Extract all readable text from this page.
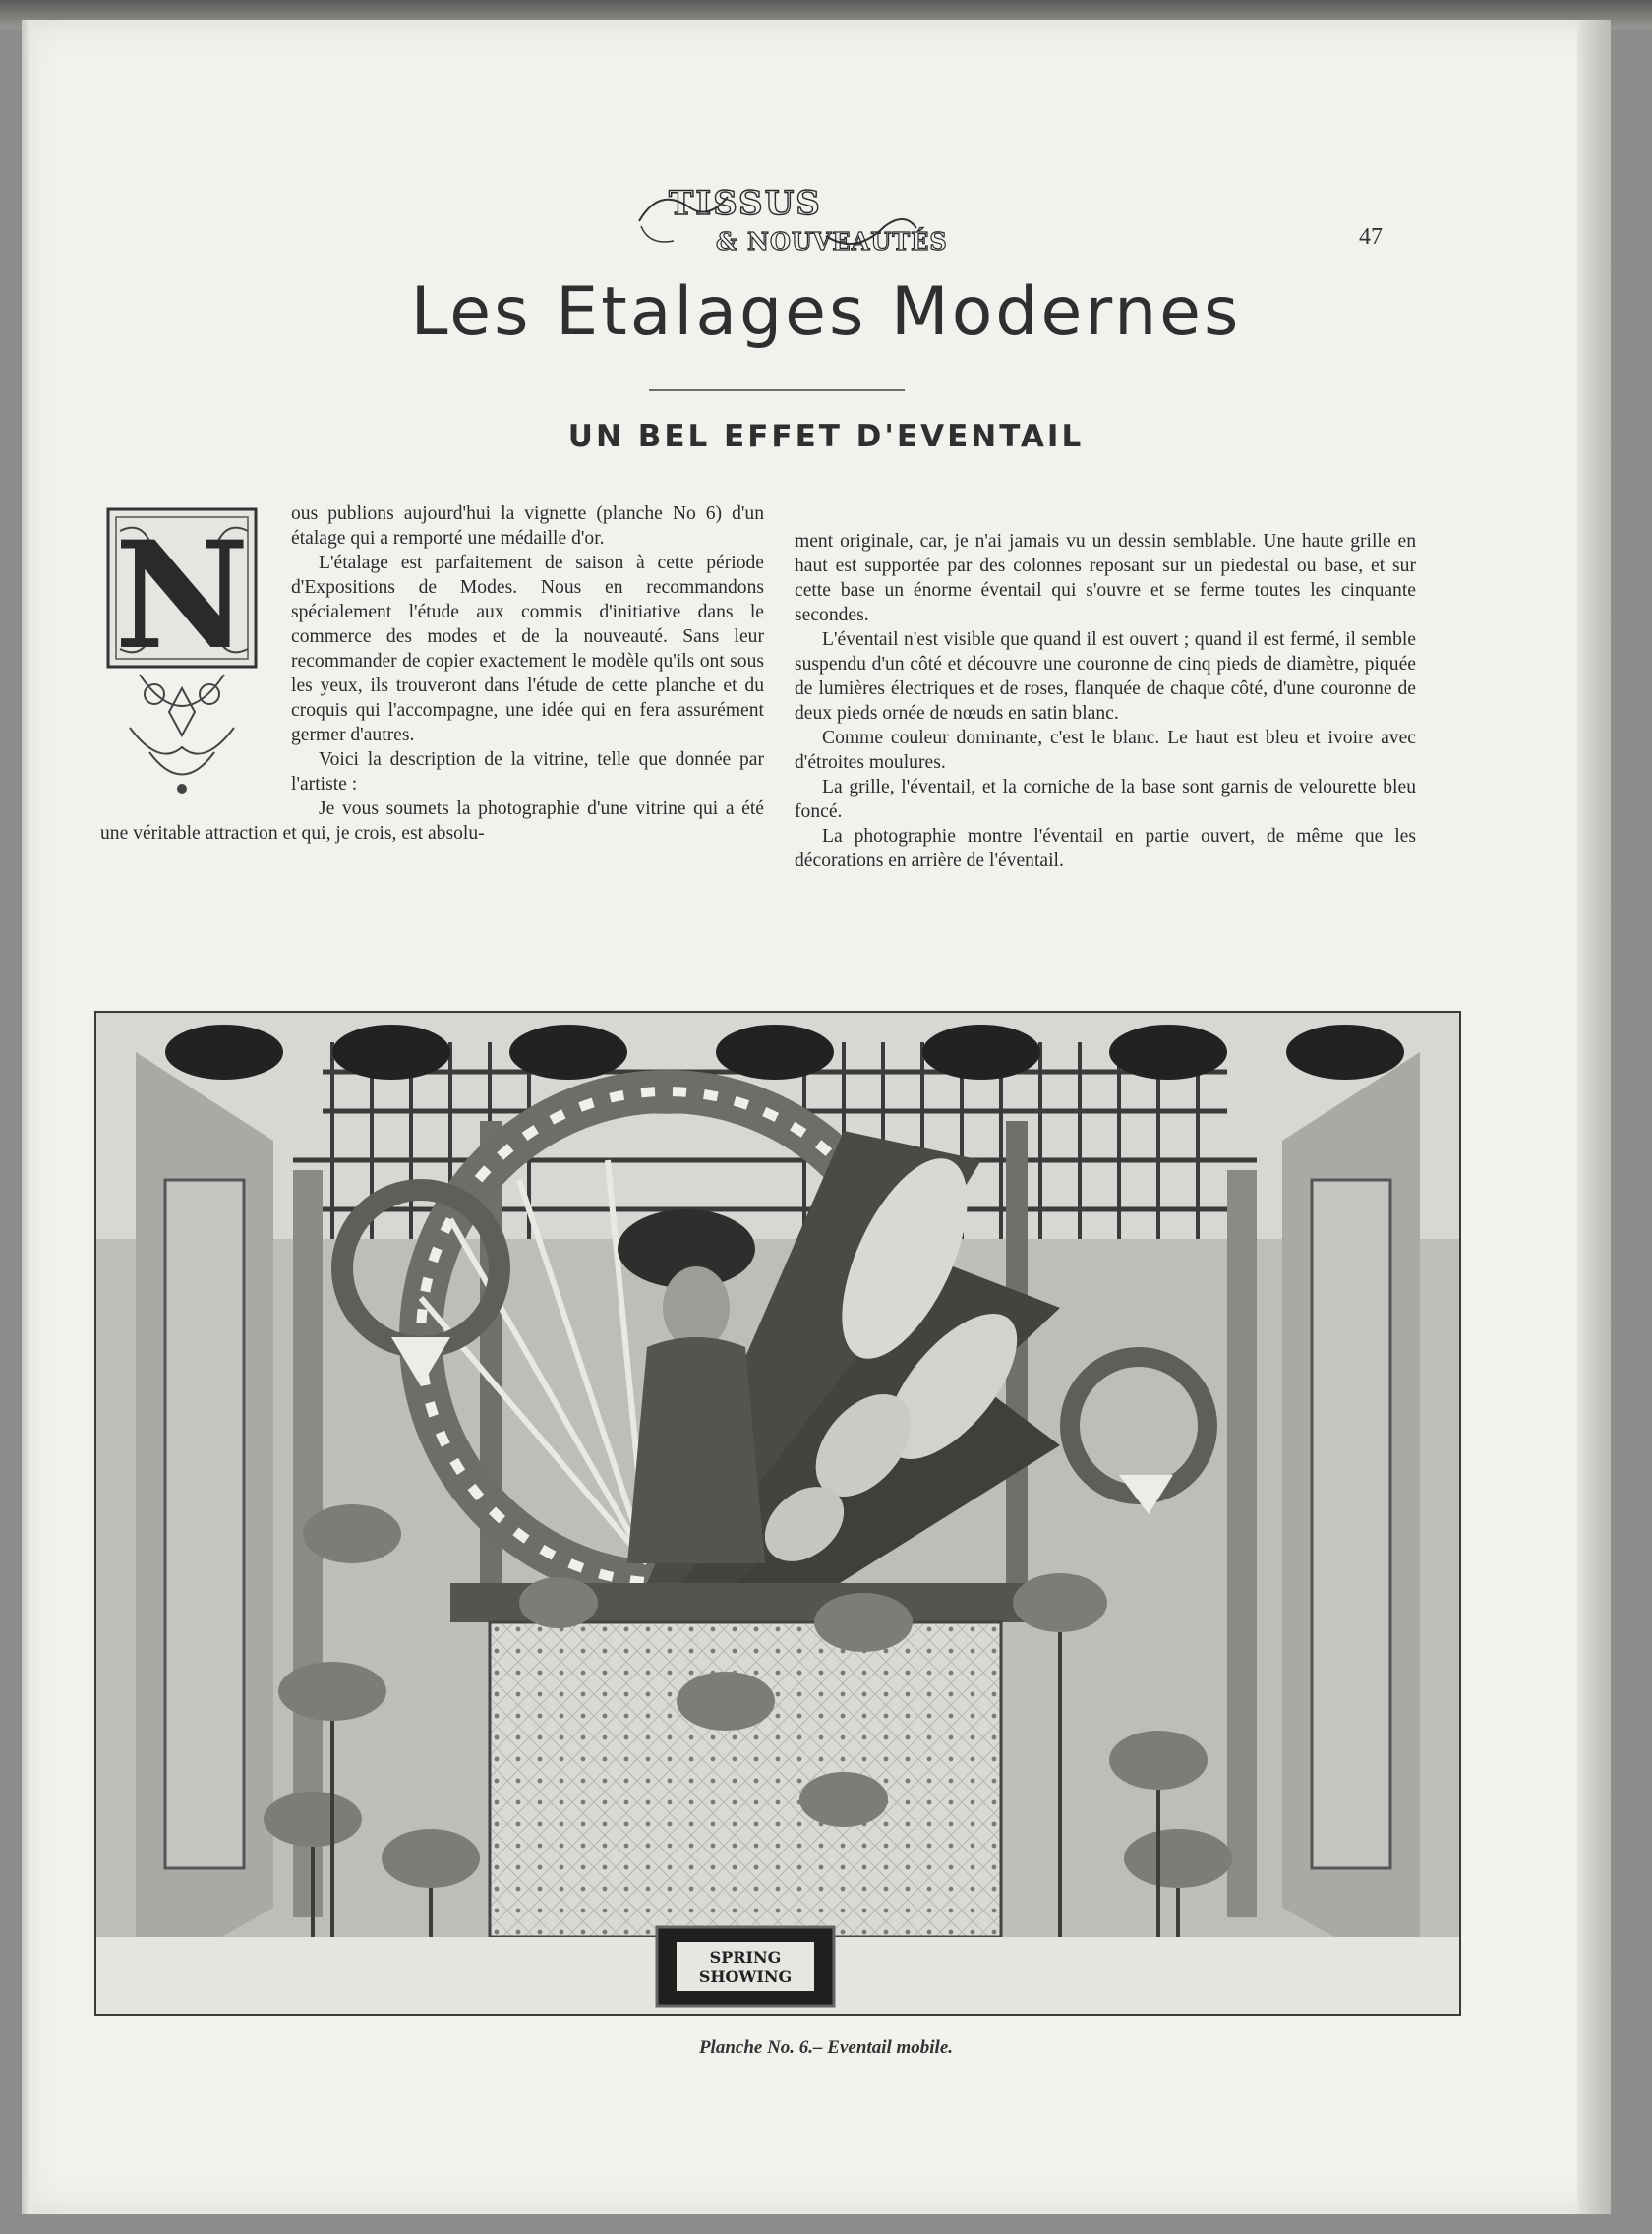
TISSUS
& NOUVEAUTÉS	47
Les Etalages Modernes
UN BEL EFFET D'EVENTAIL
N	ous publions aujourd'hui la vignette (planche No 6) d'un étalage qui a remporté une médaille d'or.

L'étalage est parfaitement de saison à cette période d'Expositions de Modes. Nous en recommandons spécialement l'étude aux commis d'initiative dans le commerce des modes et de la nouveauté. Sans leur recommander de copier exactement le modèle qu'ils ont sous les yeux, ils trouveront dans l'étude de cette planche et du croquis qui l'accompagne, une idée qui en fera assurément germer d'autres.

Voici la description de la vitrine, telle que donnée par l'artiste :

Je vous soumets la photographie d'une vitrine qui a été une véritable attraction et qui, je crois, est absolu-

ment originale, car, je n'ai jamais vu un dessin semblable. Une haute grille en haut est supportée par des colonnes reposant sur un piedestal ou base, et sur cette base un énorme éventail qui s'ouvre et se ferme toutes les cinquante secondes.

L'éventail n'est visible que quand il est ouvert ; quand il est fermé, il semble suspendu d'un côté et découvre une couronne de cinq pieds de diamètre, piquée de lumières électriques et de roses, flanquée de chaque côté, d'une couronne de deux pieds ornée de nœuds en satin blanc.

Comme couleur dominante, c'est le blanc. Le haut est bleu et ivoire avec d'étroites moulures.

La grille, l'éventail, et la corniche de la base sont garnis de velourette bleu foncé.

La photographie montre l'éventail en partie ouvert, de même que les décorations en arrière de l'éventail.

SPRING
SHOWING
Planche No. 6.– Eventail mobile.
